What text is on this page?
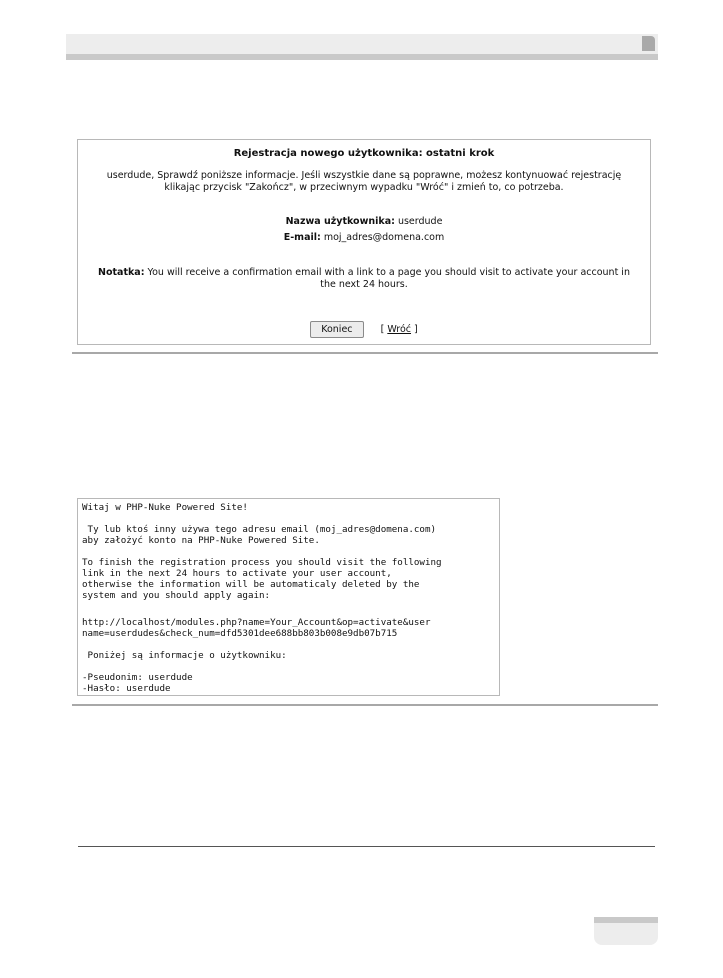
Rejestracja nowego użytkownika: ostatni krok
userdude, Sprawdź poniższe informacje. Jeśli wszystkie dane są poprawne, możesz kontynuować rejestrację klikając przycisk "Zakończ", w przeciwnym wypadku "Wróć" i zmień to, co potrzeba.
Nazwa użytkownika: userdude
E-mail: moj_adres@domena.com
Notatka: You will receive a confirmation email with a link to a page you should visit to activate your account in the next 24 hours.
Koniec	[ Wróć ]
Witaj w PHP-Nuke Powered Site!
Ty lub ktoś inny używa tego adresu email (moj_adres@domena.com)
aby założyć konto na PHP-Nuke Powered Site.
To finish the registration process you should visit the following
link in the next 24 hours to activate your user account,
otherwise the information will be automaticaly deleted by the
system and you should apply again:
http://localhost/modules.php?name=Your_Account&op=activate&user
name=userdudes&check_num=dfd5301dee688bb803b008e9db07b715
Poniżej są informacje o użytkowniku:
-Pseudonim: userdude
-Hasło: userdude
